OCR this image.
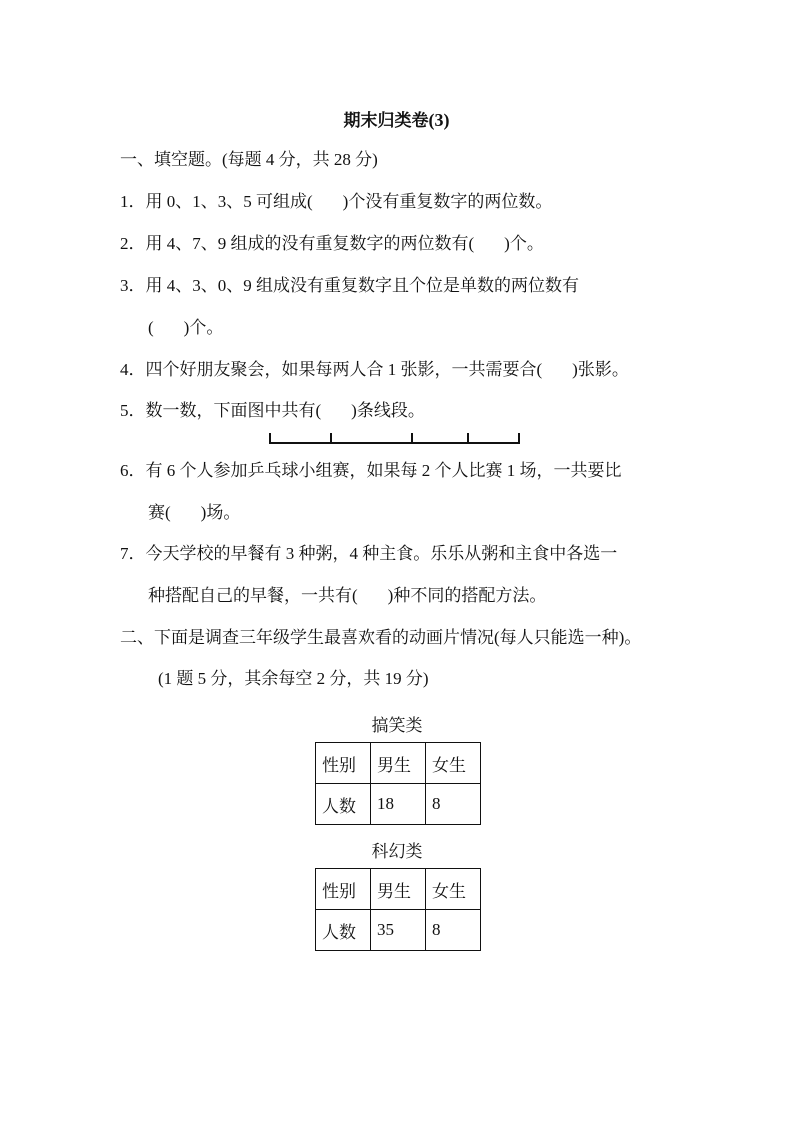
期末归类卷(3)
一、填空题。(每题 4 分，共 28 分)
1．用 0、1、3、5 可组成( )个没有重复数字的两位数。
2．用 4、7、9 组成的没有重复数字的两位数有( )个。
3．用 4、3、0、9 组成没有重复数字且个位是单数的两位数有
( )个。
4．四个好朋友聚会，如果每两人合 1 张影，一共需要合( )张影。
5．数一数，下面图中共有( )条线段。
6．有 6 个人参加乒乓球小组赛，如果每 2 个人比赛 1 场，一共要比
赛( )场。
7．今天学校的早餐有 3 种粥，4 种主食。乐乐从粥和主食中各选一
种搭配自己的早餐，一共有( )种不同的搭配方法。
二、下面是调查三年级学生最喜欢看的动画片情况(每人只能选一种)。
(1 题 5 分，其余每空 2 分，共 19 分)
搞笑类
性别	男生	女生
人数	18	8
科幻类
性别	男生	女生
人数	35	8
